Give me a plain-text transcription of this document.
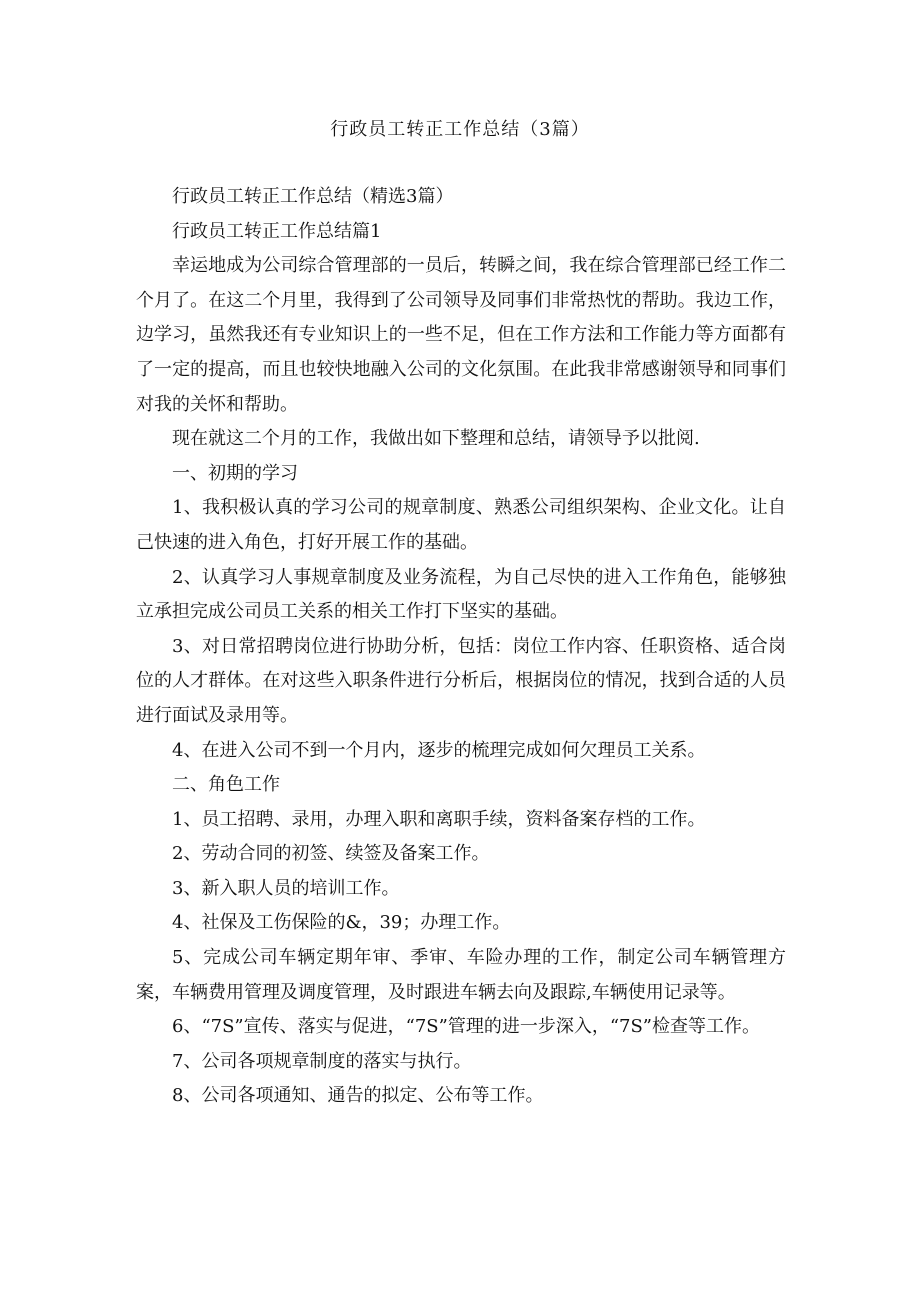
行政员工转正工作总结（3篇）

行政员工转正工作总结（精选3篇）

行政员工转正工作总结篇1

幸运地成为公司综合管理部的一员后，转瞬之间，我在综合管理部已经工作二个月了。在这二个月里，我得到了公司领导及同事们非常热忱的帮助。我边工作，边学习，虽然我还有专业知识上的一些不足，但在工作方法和工作能力等方面都有了一定的提高，而且也较快地融入公司的文化氛围。在此我非常感谢领导和同事们对我的关怀和帮助。

现在就这二个月的工作，我做出如下整理和总结，请领导予以批阅.

一、初期的学习

1、我积极认真的学习公司的规章制度、熟悉公司组织架构、企业文化。让自己快速的进入角色，打好开展工作的基础。

2、认真学习人事规章制度及业务流程，为自己尽快的进入工作角色，能够独立承担完成公司员工关系的相关工作打下坚实的基础。

3、对日常招聘岗位进行协助分析，包括：岗位工作内容、任职资格、适合岗位的人才群体。在对这些入职条件进行分析后，根据岗位的情况，找到合适的人员进行面试及录用等。

4、在进入公司不到一个月内，逐步的梳理完成如何欠理员工关系。

二、角色工作

1、员工招聘、录用，办理入职和离职手续，资料备案存档的工作。

2、劳动合同的初签、续签及备案工作。

3、新入职人员的培训工作。

4、社保及工伤保险的&，39；办理工作。

5、完成公司车辆定期年审、季审、车险办理的工作，制定公司车辆管理方案，车辆费用管理及调度管理，及时跟进车辆去向及跟踪,车辆使用记录等。

6、“7S”宣传、落实与促进，“7S”管理的进一步深入，“7S”检查等工作。

7、公司各项规章制度的落实与执行。

8、公司各项通知、通告的拟定、公布等工作。
